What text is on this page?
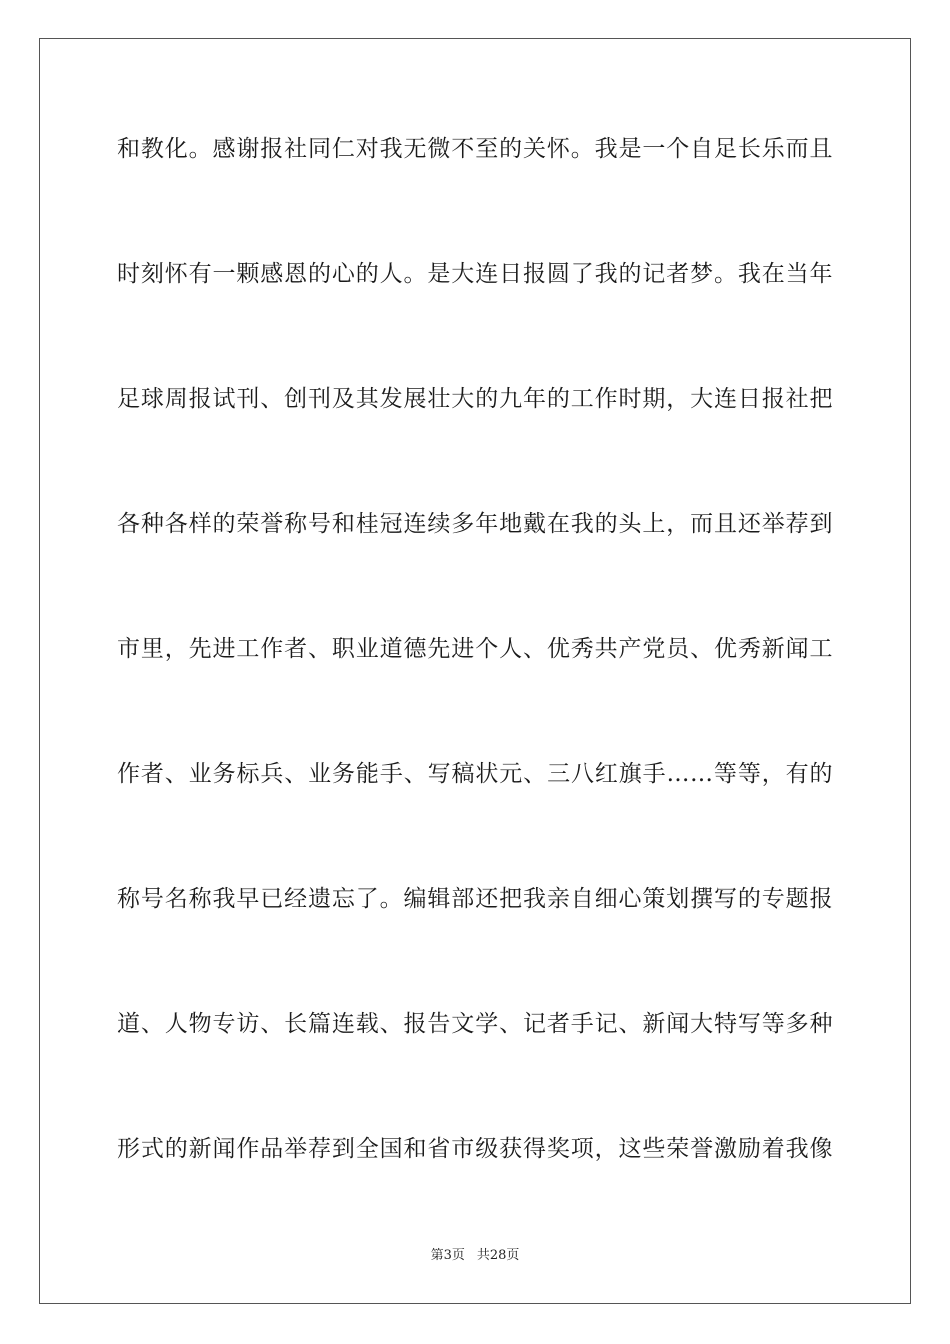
和教化。感谢报社同仁对我无微不至的关怀。我是一个自足长乐而且
时刻怀有一颗感恩的心的人。是大连日报圆了我的记者梦。我在当年
足球周报试刊、创刊及其发展壮大的九年的工作时期，大连日报社把
各种各样的荣誉称号和桂冠连续多年地戴在我的头上，而且还举荐到
市里，先进工作者、职业道德先进个人、优秀共产党员、优秀新闻工
作者、业务标兵、业务能手、写稿状元、三八红旗手……等等，有的
称号名称我早已经遗忘了。编辑部还把我亲自细心策划撰写的专题报
道、人物专访、长篇连载、报告文学、记者手记、新闻大特写等多种
形式的新闻作品举荐到全国和省市级获得奖项，这些荣誉激励着我像
第3页 共28页
